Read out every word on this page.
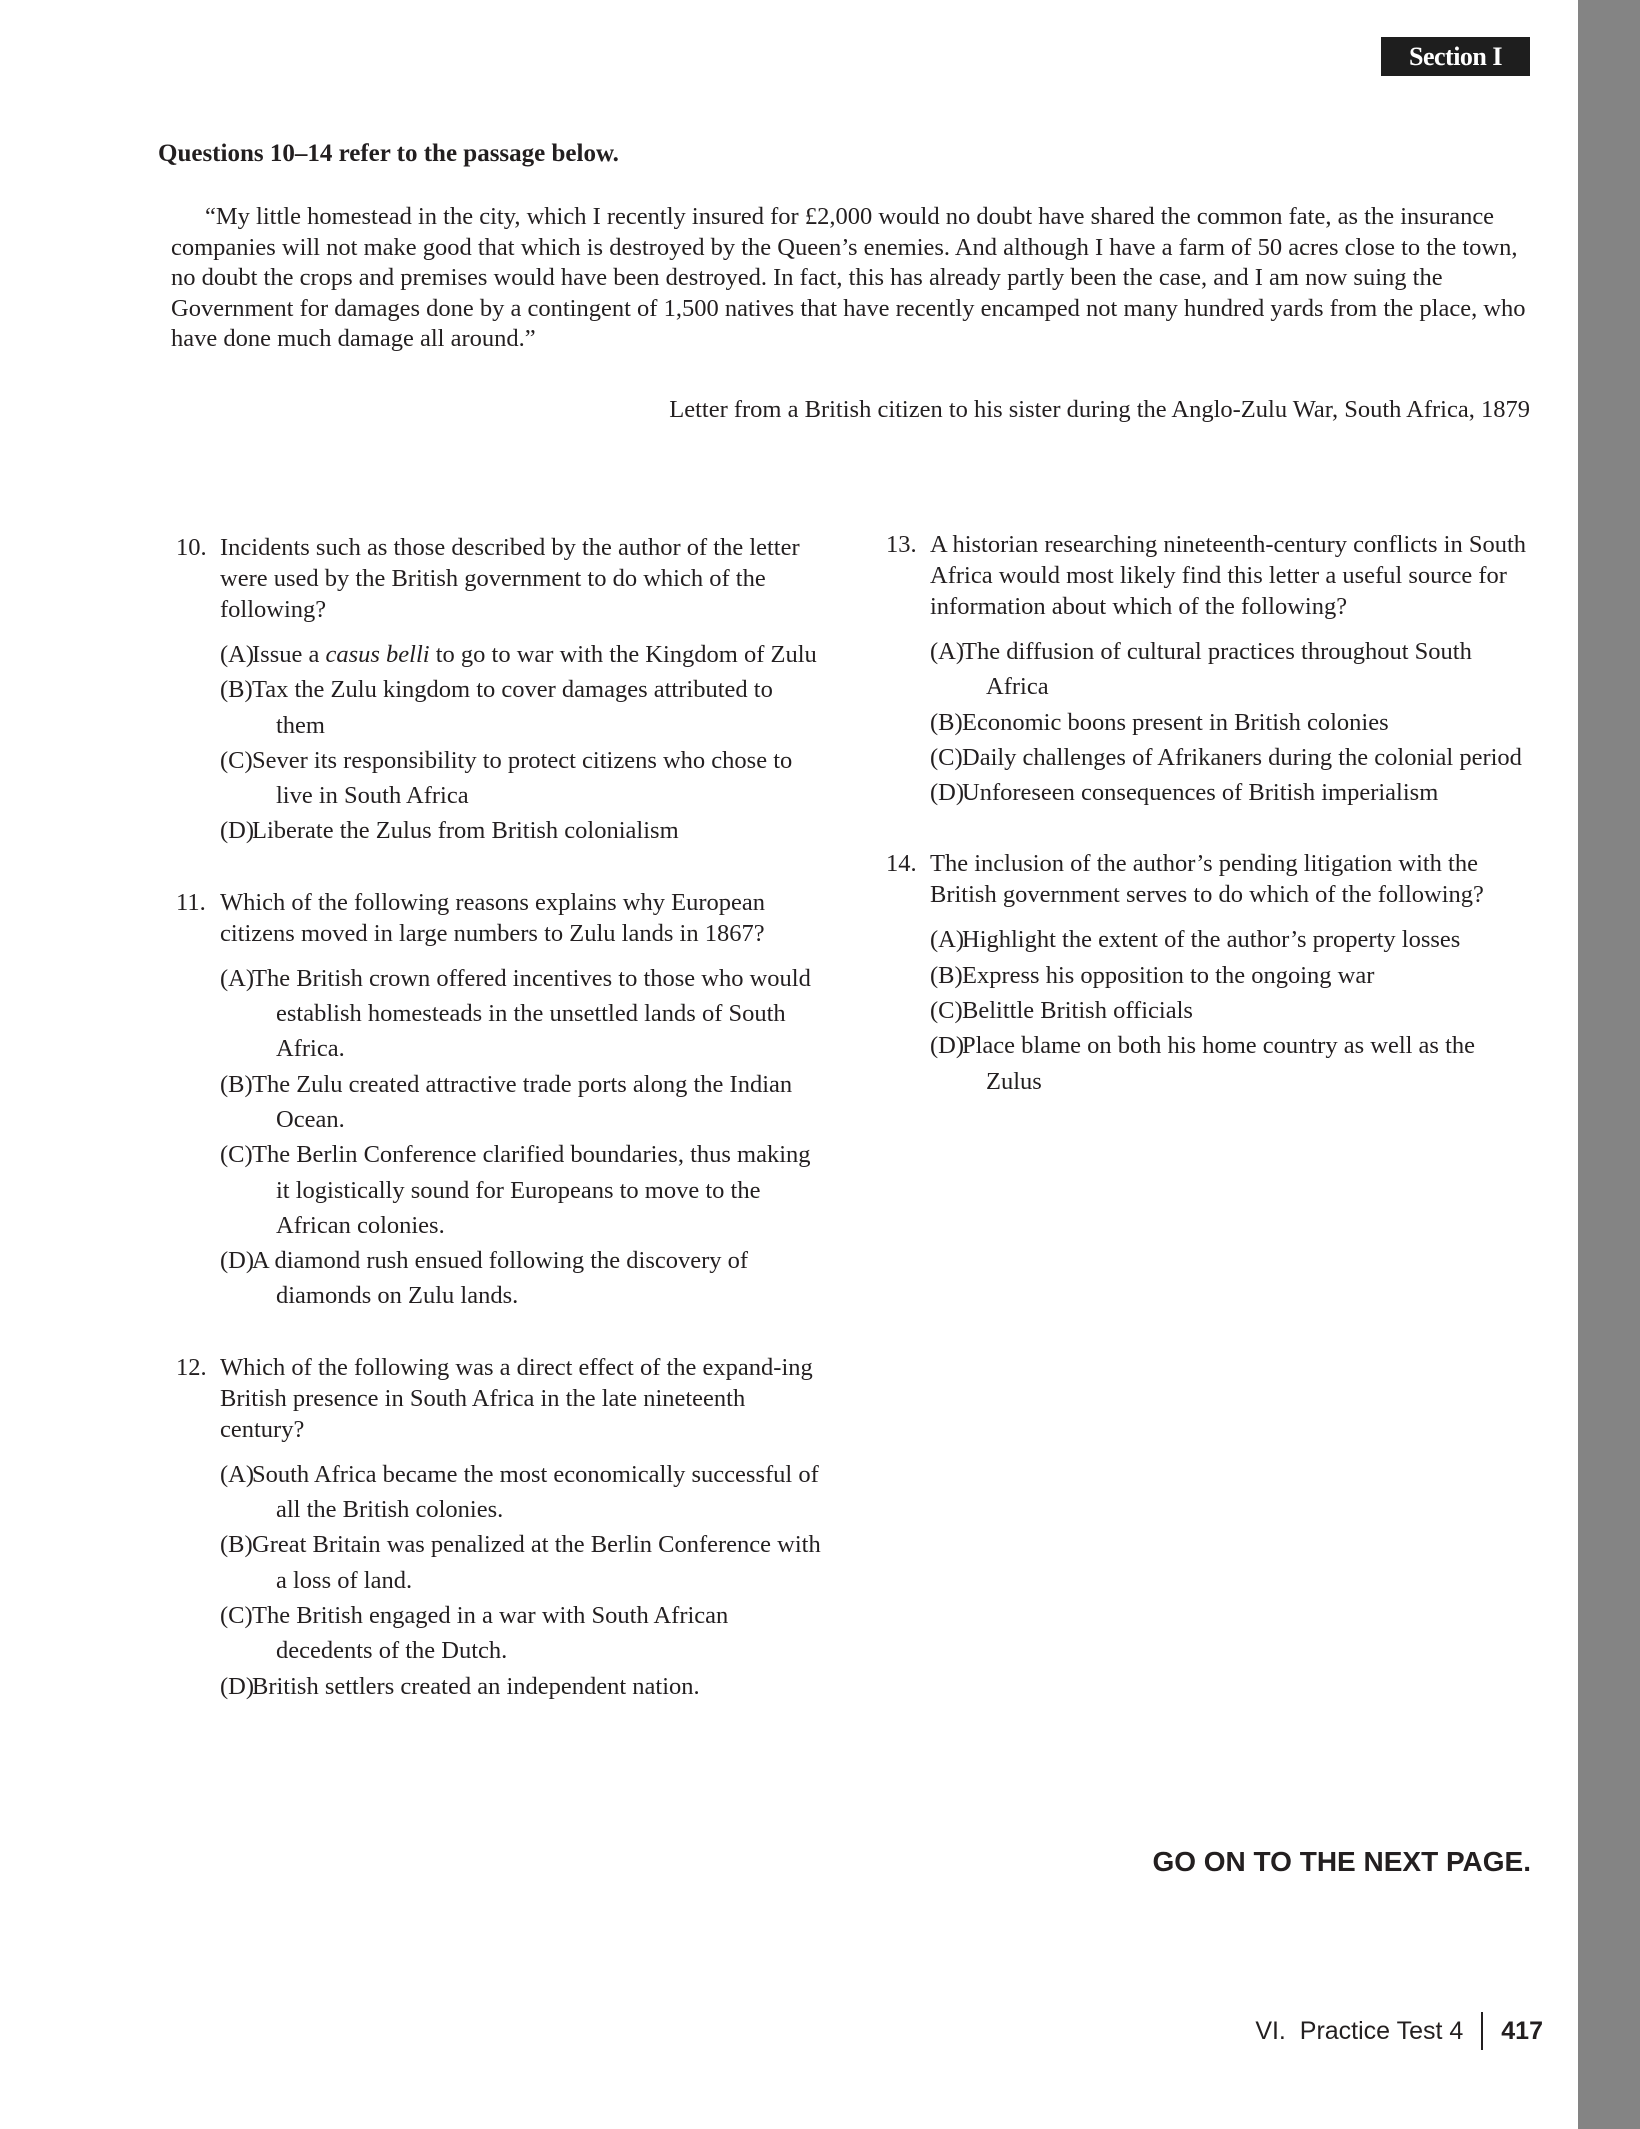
Section I
Questions 10–14 refer to the passage below.

“My little homestead in the city, which I recently insured for £2,000 would no doubt have shared the common fate, as the insurance companies will not make good that which is destroyed by the Queen’s enemies. And although I have a farm of 50 acres close to the town, no doubt the crops and premises would have been destroyed. In fact, this has already partly been the case, and I am now suing the Government for damages done by a contingent of 1,500 natives that have recently encamped not many hundred yards from the place, who have done much damage all around.”

Letter from a British citizen to his sister during the Anglo-Zulu War, South Africa, 1879
10. Incidents such as those described by the author of the letter were used by the British government to do which of the following?
(A)
Issue a casus belli to go to war with the Kingdom of Zulu
(B) Tax the Zulu kingdom to cover damages attributed to them
(C) Sever its responsibility to protect citizens who chose to live in South Africa
(D)
Liberate the Zulus from British colonialism
11. Which of the following reasons explains why European citizens moved in large numbers to Zulu lands in 1867?
(A)
The British crown offered incentives to those who would establish homesteads in the unsettled lands of South Africa.
(B) The Zulu created attractive trade ports along the Indian Ocean.
(C) The Berlin Conference clarified boundaries, thus making it logistically sound for Europeans to move to the African colonies.
(D)
A diamond rush ensued following the discovery of diamonds on Zulu lands.
12. Which of the following was a direct effect of the expand-ing British presence in South Africa in the late nineteenth century?
(A)
South Africa became the most economically successful of all the British colonies.
(B) Great Britain was penalized at the Berlin Conference with a loss of land.
(C) The British engaged in a war with South African decedents of the Dutch.
(D)
British settlers created an independent nation.
13. A historian researching nineteenth-century conflicts in South Africa would most likely find this letter a useful source for information about which of the following?
(A)
The diffusion of cultural practices throughout South Africa
(B) Economic boons present in British colonies
(C) Daily challenges of Afrikaners during the colonial period
(D)
Unforeseen consequences of British imperialism
14. The inclusion of the author’s pending litigation with the British government serves to do which of the following?
(A)
Highlight the extent of the author’s property losses
(B) Express his opposition to the ongoing war
(C) Belittle British officials
(D)
Place blame on both his home country as well as the Zulus
GO ON TO THE NEXT PAGE.
VI.  Practice Test 4 417
